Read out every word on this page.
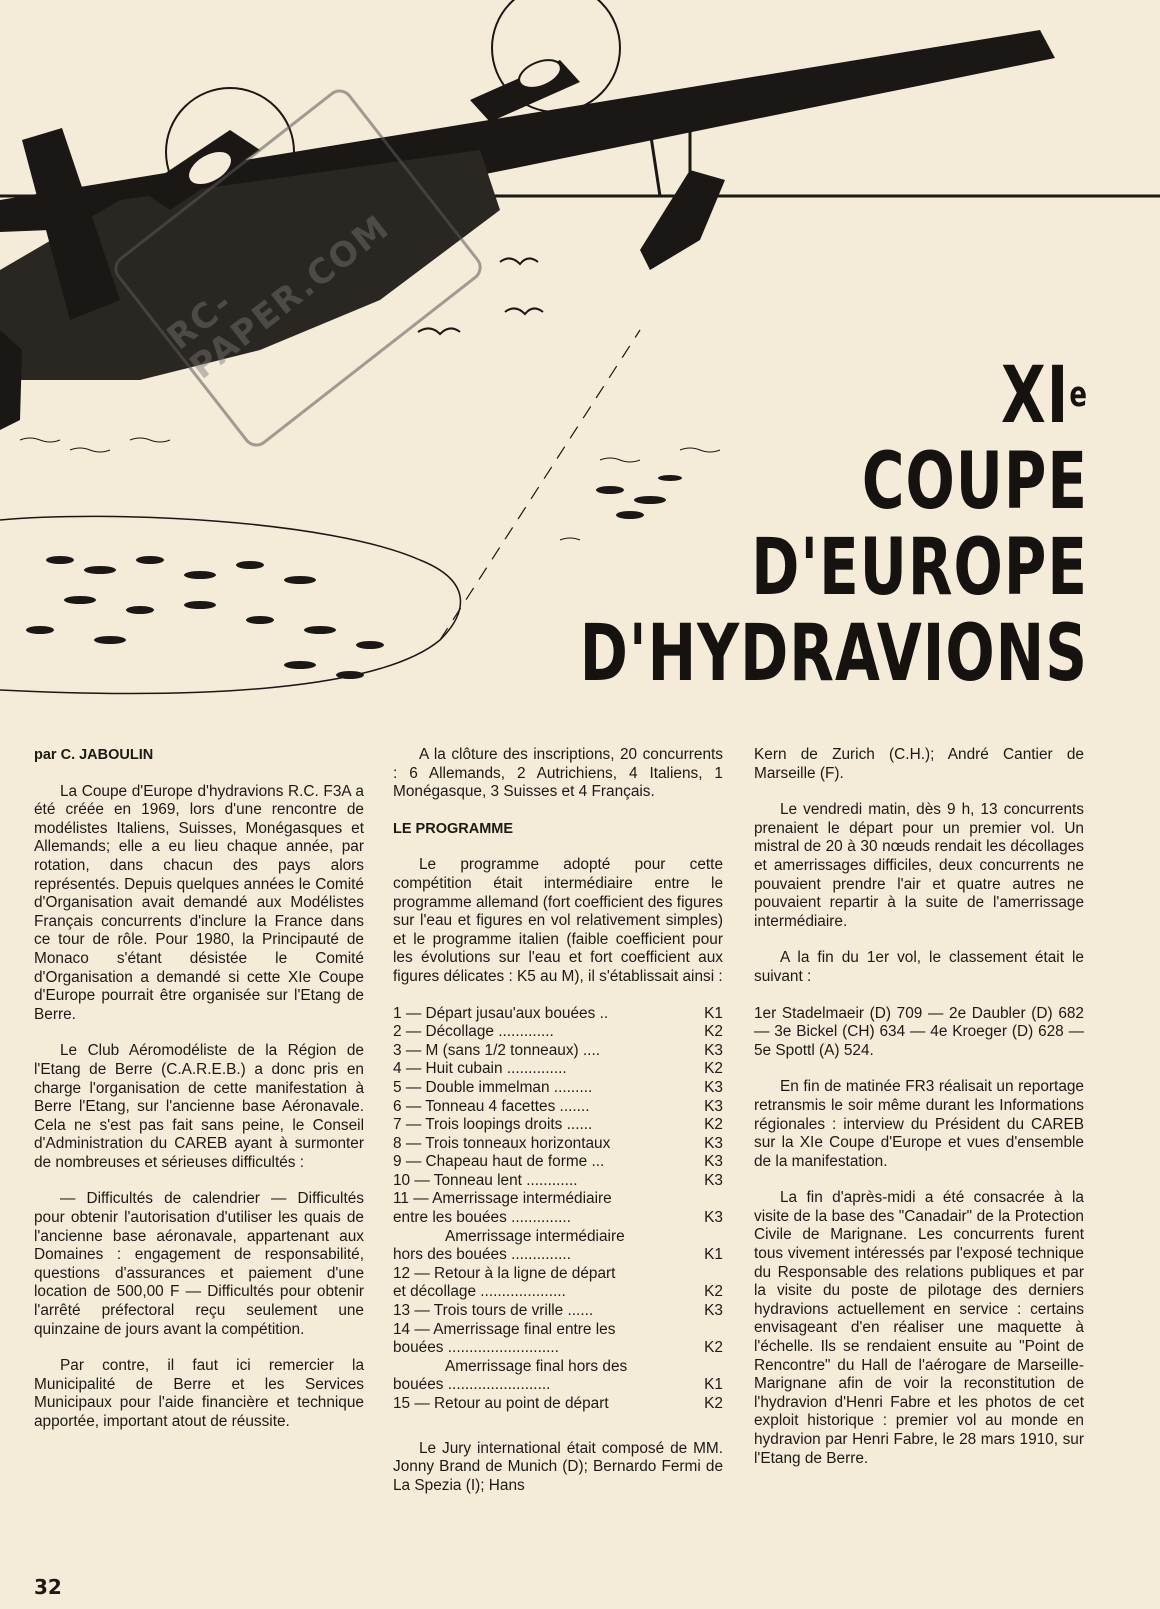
RC-PAPER.COM
XIe
COUPE
D'EUROPE
D'HYDRAVIONS

par C. JABOULIN

La Coupe d'Europe d'hydravions R.C. F3A a été créée en 1969, lors d'une rencontre de modélistes Italiens, Suisses, Monégasques et Allemands; elle a eu lieu chaque année, par rotation, dans chacun des pays alors représentés. Depuis quelques années le Comité d'Organisation avait demandé aux Modélistes Français concurrents d'inclure la France dans ce tour de rôle. Pour 1980, la Principauté de Monaco s'étant désistée le Comité d'Organisation a demandé si cette XIe Coupe d'Europe pourrait être organisée sur l'Etang de Berre.

Le Club Aéromodéliste de la Région de l'Etang de Berre (C.A.R.E.B.) a donc pris en charge l'organisation de cette manifestation à Berre l'Etang, sur l'ancienne base Aéronavale. Cela ne s'est pas fait sans peine, le Conseil d'Administration du CAREB ayant à surmonter de nombreuses et sérieuses difficultés :

— Difficultés de calendrier — Difficultés pour obtenir l'autorisation d'utiliser les quais de l'ancienne base aéronavale, appartenant aux Domaines : engagement de responsabilité, questions d'assurances et paiement d'une location de 500,00 F — Difficultés pour obtenir l'arrêté préfectoral reçu seulement une quinzaine de jours avant la compétition.

Par contre, il faut ici remercier la Municipalité de Berre et les Services Municipaux pour l'aide financière et technique apportée, important atout de réussite.

A la clôture des inscriptions, 20 concurrents : 6 Allemands, 2 Autrichiens, 4 Italiens, 1 Monégasque, 3 Suisses et 4 Français.

LE PROGRAMME

Le programme adopté pour cette compétition était intermédiaire entre le programme allemand (fort coefficient des figures sur l'eau et figures en vol relativement simples) et le programme italien (faible coefficient pour les évolutions sur l'eau et fort coefficient aux figures délicates : K5 au M), il s'établissait ainsi :

1 — Départ jusau'aux bouées ..	K1
2 — Décollage .............	K2
3 — M (sans 1/2 tonneaux) ....	K3
4 — Huit cubain ..............	K2
5 — Double immelman .........	K3
6 — Tonneau 4 facettes .......	K3
7 — Trois loopings droits ......	K2
8 — Trois tonneaux horizontaux	K3
9 — Chapeau haut de forme ...	K3
10 — Tonneau lent ............	K3
11 — Amerrissage intermédiaire
entre les bouées ..............	K3
Amerrissage intermédiaire
hors des bouées ..............	K1
12 — Retour à la ligne de départ
et décollage ....................	K2
13 — Trois tours de vrille ......	K3
14 — Amerrissage final entre les
bouées ..........................	K2
Amerrissage final hors des
bouées ........................	K1
15 — Retour au point de départ	K2

Le Jury international était composé de MM. Jonny Brand de Munich (D); Bernardo Fermi de La Spezia (I); Hans

Kern de Zurich (C.H.); André Cantier de Marseille (F).

Le vendredi matin, dès 9 h, 13 concurrents prenaient le départ pour un premier vol. Un mistral de 20 à 30 nœuds rendait les décollages et amerrissages difficiles, deux concurrents ne pouvaient prendre l'air et quatre autres ne pouvaient repartir à la suite de l'amerrissage intermédiaire.

A la fin du 1er vol, le classement était le suivant :

1er Stadelmaeir (D) 709 — 2e Daubler (D) 682 — 3e Bickel (CH) 634 — 4e Kroeger (D) 628 — 5e Spottl (A) 524.

En fin de matinée FR3 réalisait un reportage retransmis le soir même durant les Informations régionales : interview du Président du CAREB sur la XIe Coupe d'Europe et vues d'ensemble de la manifestation.

La fin d'après-midi a été consacrée à la visite de la base des "Canadair" de la Protection Civile de Marignane. Les concurrents furent tous vivement intéressés par l'exposé technique du Responsable des relations publiques et par la visite du poste de pilotage des derniers hydravions actuellement en service : certains envisageant d'en réaliser une maquette à l'échelle. Ils se rendaient ensuite au "Point de Rencontre" du Hall de l'aérogare de Marseille-Marignane afin de voir la reconstitution de l'hydravion d'Henri Fabre et les photos de cet exploit historique : premier vol au monde en hydravion par Henri Fabre, le 28 mars 1910, sur l'Etang de Berre.

32
